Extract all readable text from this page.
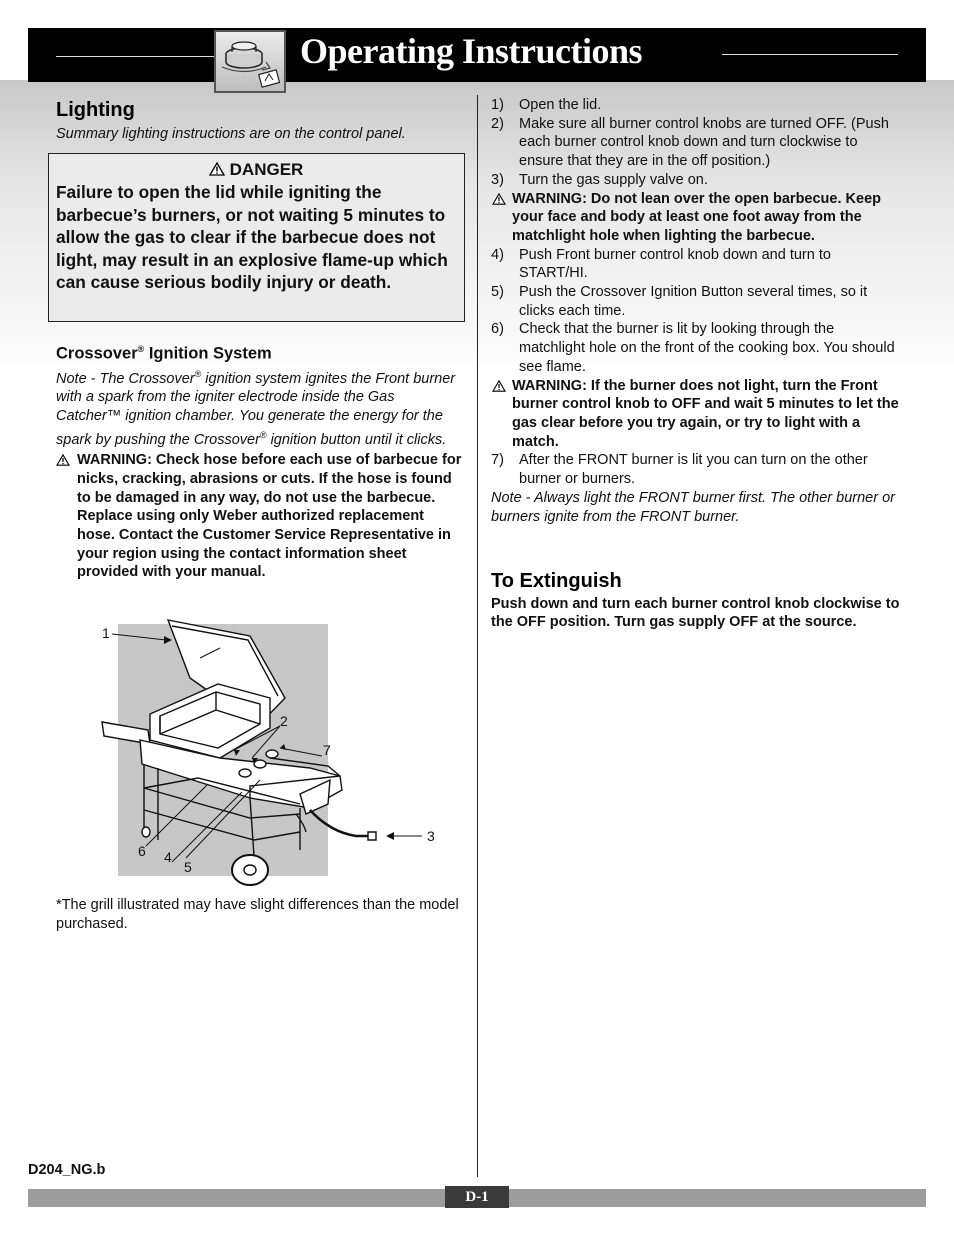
Operating Instructions
Lighting
Summary lighting instructions are on the control panel.
DANGER
Failure to open the lid while igniting the barbecue’s burners, or not waiting 5 minutes to allow the gas to clear if the barbecue does not light, may result in an explosive flame-up which can cause serious bodily injury or death.
Crossover® Ignition System
Note - The Crossover® ignition system ignites the Front burner with a spark from the igniter electrode inside the Gas Catcher™ ignition chamber. You generate the energy for the spark by pushing the Crossover® ignition button until it clicks.
WARNING: Check hose before each use of barbecue for nicks, cracking, abrasions or cuts. If the hose is found to be damaged in any way, do not use the barbecue. Replace using only Weber authorized replacement hose. Contact the Customer Service Representative in your region using the contact information sheet provided with your manual.
1
2
3
4
5
6
7
*The grill illustrated may have slight differences than the model purchased.
1) Open the lid.
2) Make sure all burner control knobs are turned OFF. (Push each burner control knob down and turn clockwise to ensure that they are in the off position.)
3) Turn the gas supply valve on.
WARNING: Do not lean over the open barbecue. Keep your face and body at least one foot away from the matchlight hole when lighting the barbecue.
4) Push Front burner control knob down and turn to START/HI.
5) Push the Crossover Ignition Button several times, so it clicks each time.
6) Check that the burner is lit by looking through the matchlight hole on the front of the cooking box. You should see flame.
WARNING: If the burner does not light, turn the Front burner control knob to OFF and wait 5 minutes to let the gas clear before you try again, or try to light with a match.
7) After the FRONT burner is lit you can turn on the other burner or burners.
Note - Always light the FRONT burner first. The other burner or burners ignite from the FRONT burner.
To Extinguish
Push down and turn each burner control knob clockwise to the OFF position. Turn gas supply OFF at the source.
D204_NG.b
D-1
